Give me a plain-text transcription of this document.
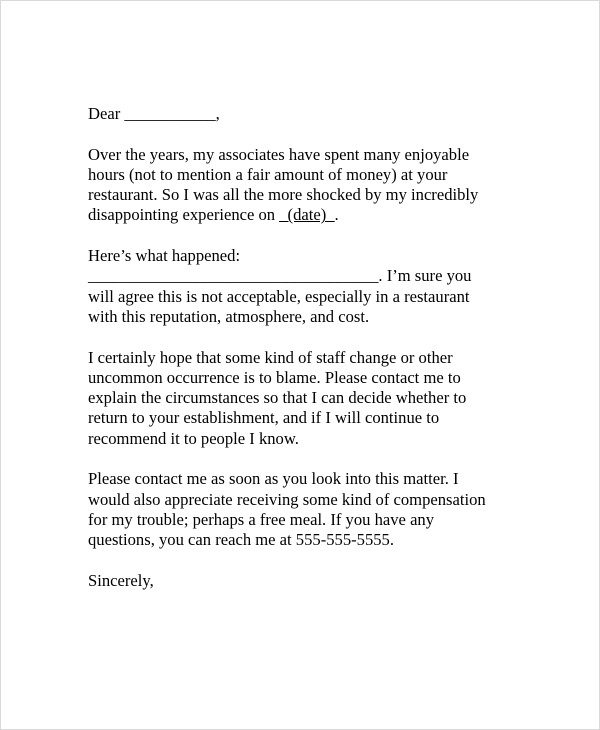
Dear ___________,

Over the years, my associates have spent many enjoyable
hours (not to mention a fair amount of money) at your
restaurant. So I was all the more shocked by my incredibly
disappointing experience on _(date)_.

Here’s what happened:
___________________________________. I’m sure you
will agree this is not acceptable, especially in a restaurant
with this reputation, atmosphere, and cost.

I certainly hope that some kind of staff change or other
uncommon occurrence is to blame. Please contact me to
explain the circumstances so that I can decide whether to
return to your establishment, and if I will continue to
recommend it to people I know.

Please contact me as soon as you look into this matter. I
would also appreciate receiving some kind of compensation
for my trouble; perhaps a free meal. If you have any
questions, you can reach me at 555-555-5555.

Sincerely,
